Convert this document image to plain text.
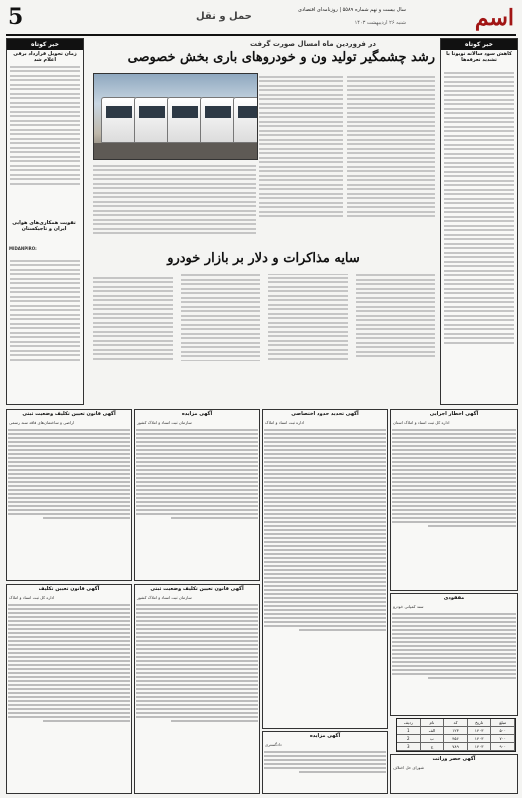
5	حمل و نقل
سال بیست و نهم شماره ۵۵۸۹ | روزنامه‌ای اقتصادی
شنبه ۲۶ اردیبهشت ۱۴۰۳	اسم
خبر کوتاه
زمان تحویل قرارداد برقی اعلام شد
تقویت همکاری‌های هوایی ایران و تاجیکستان
MIDANPIRO:
خبر کوتاه
کاهش سود سالانه تویوتا با تشدید تعرفه‌ها
در فروردین ماه امسال صورت گرفت
رشد چشمگیر تولید ون و خودروهای باری بخش خصوصی
سایه مذاکرات و دلار بر بازار خودرو
آگهی قانون تعیین تکلیف وضعیت ثبتی
اراضی و ساختمان‌های فاقد سند رسمی
آگهی مزایده
سازمان ثبت اسناد و املاک کشور
آگهی تحدید حدود اختصاصی
اداره ثبت اسناد و املاک
آگهی اخطار اجرایی
اداره کل ثبت اسناد و املاک استان
آگهی قانون تعیین تکلیف
اداره کل ثبت اسناد و املاک
آگهی قانون تعیین تکلیف وضعیت ثبتی
سازمان ثبت اسناد و املاک کشور
آگهی مزایده
دادگستری
مفقودی
سند کمپانی خودرو
ردیف	نام	کد	تاریخ	مبلغ
1	الف	۱۲۳	۱۴۰۳	۵۰۰
2	ب	۴۵۶	۱۴۰۳	۷۰۰
3	ج	۷۸۹	۱۴۰۳	۹۰۰
آگهی حصر وراثت
شورای حل اختلاف
